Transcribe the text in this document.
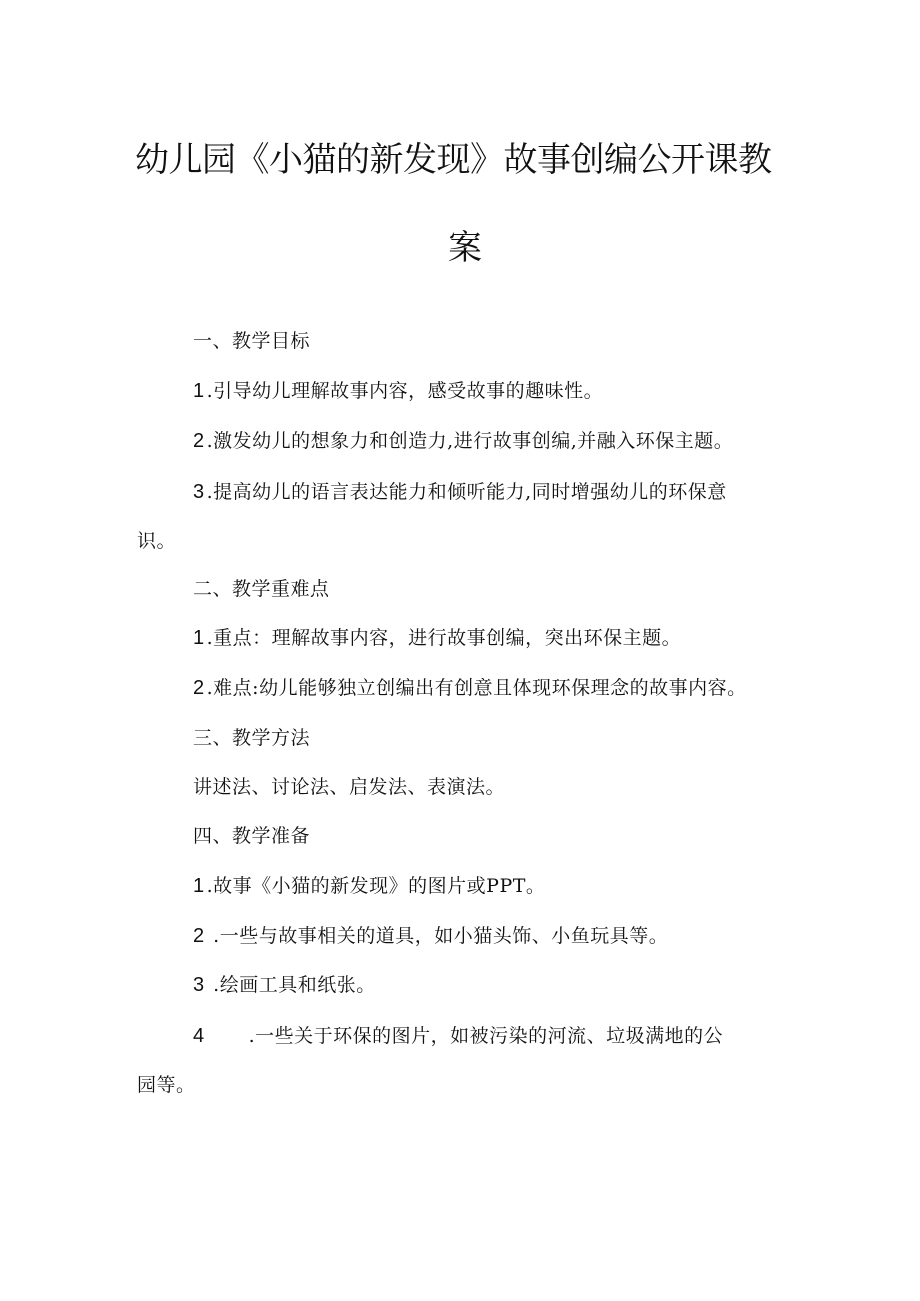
幼儿园《小猫的新发现》故事创编公开课教
案

一、教学目标

1 .引导幼儿理解故事内容，感受故事的趣味性。

2 .激发幼儿的想象力和创造力,进行故事创编,并融入环保主题。

3 .提高幼儿的语言表达能力和倾听能力,同时增强幼儿的环保意

识。

二、教学重难点

1 .重点：理解故事内容，进行故事创编，突出环保主题。

2 .难点:幼儿能够独立创编出有创意且体现环保理念的故事内容。

三、教学方法

讲述法、讨论法、启发法、表演法。

四、教学准备

1 .故事《小猫的新发现》的图片或PPT。

2 .一些与故事相关的道具，如小猫头饰、小鱼玩具等。

3 .绘画工具和纸张。

4 .一些关于环保的图片，如被污染的河流、垃圾满地的公

园等。
